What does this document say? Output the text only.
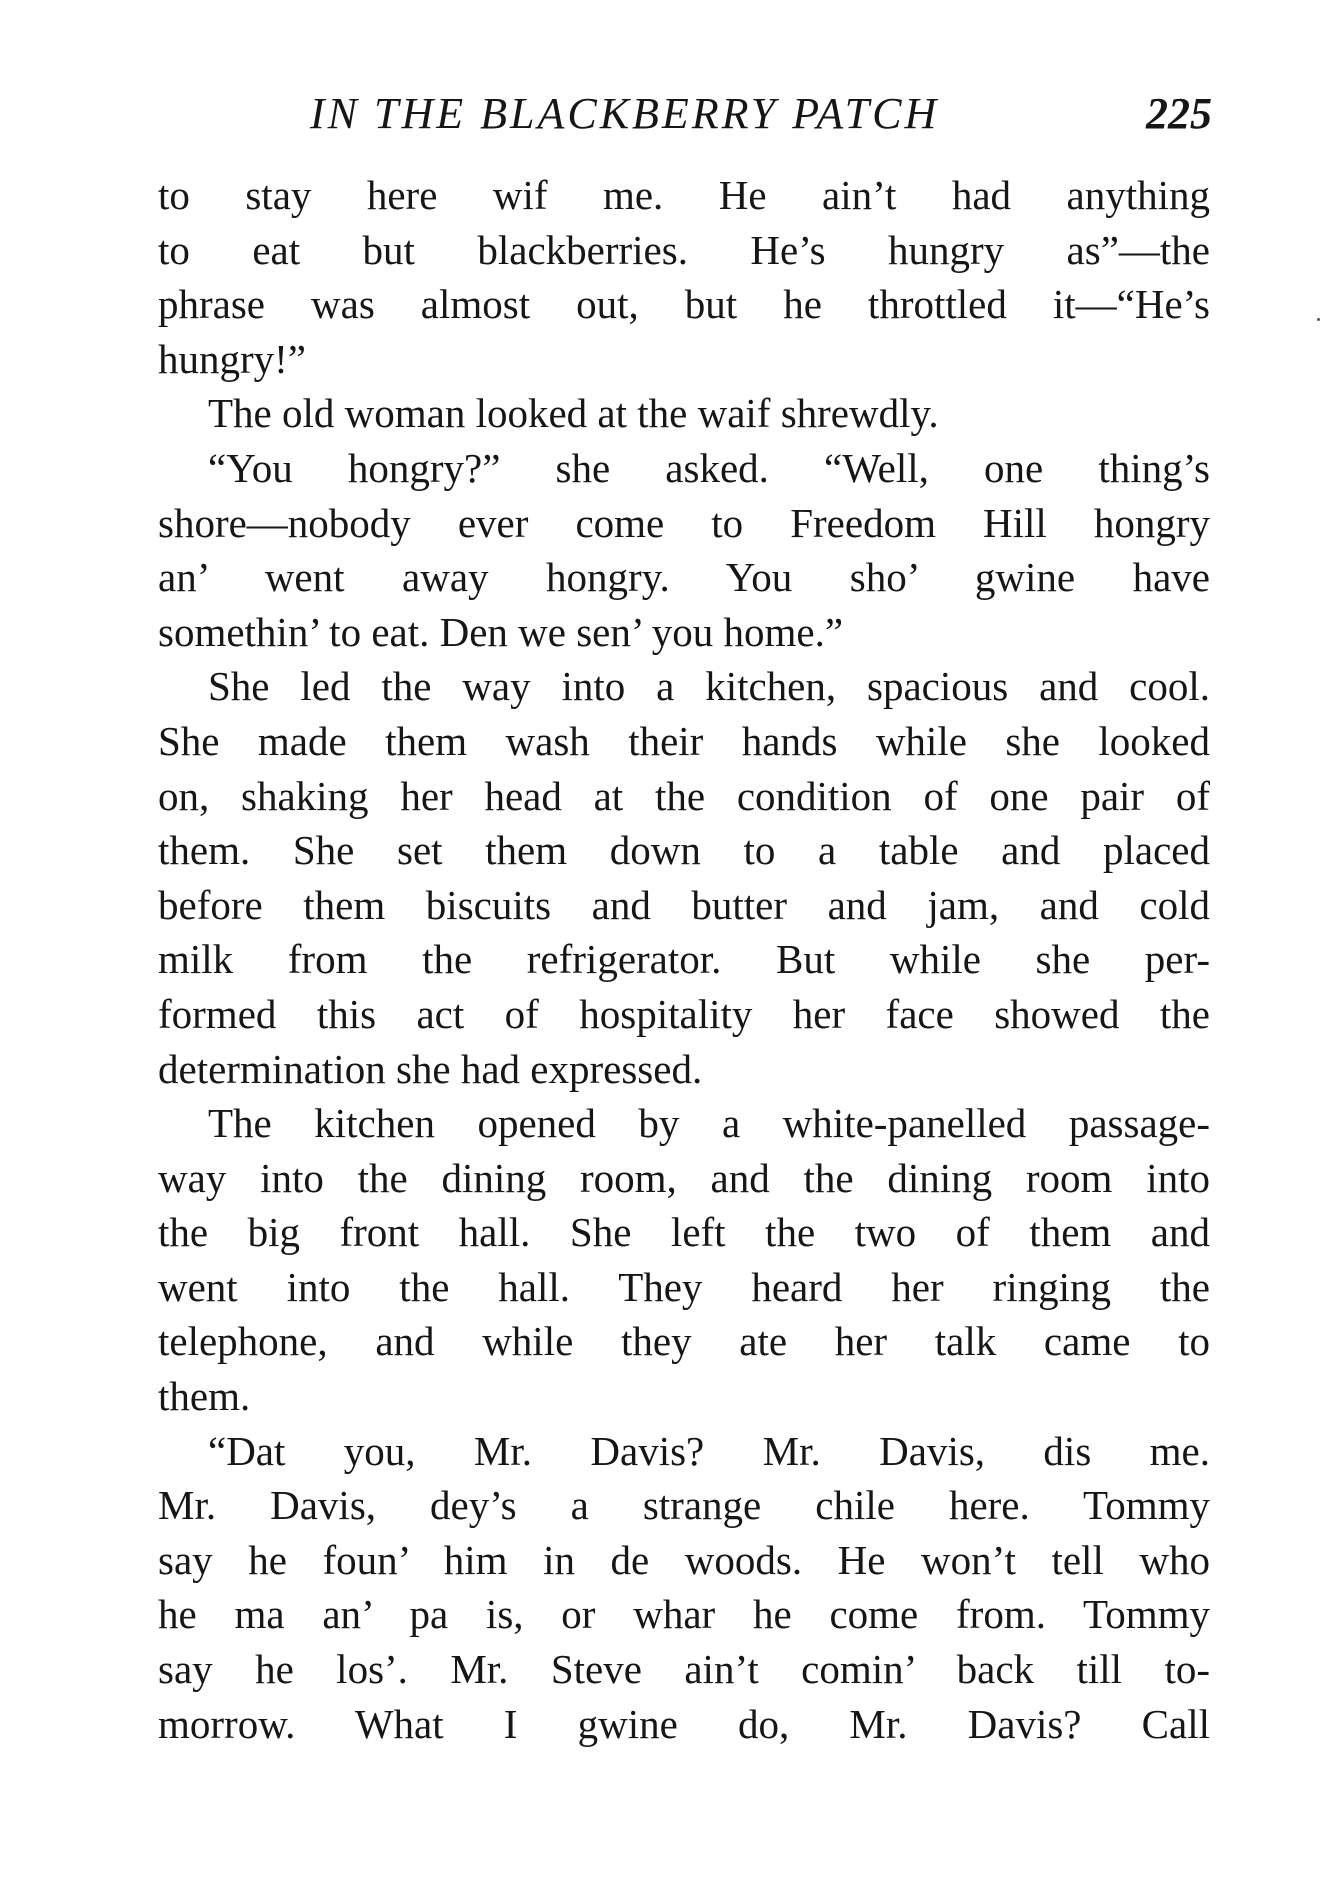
IN THE BLACKBERRY PATCH	225
to stay here wif me. He ain’t had anything
to eat but blackberries. He’s hungry as”—the
phrase was almost out, but he throttled it—“He’s
hungry!”
The old woman looked at the waif shrewdly.
“You hongry?” she asked. “Well, one thing’s
shore—nobody ever come to Freedom Hill hongry
an’ went away hongry. You sho’ gwine have
somethin’ to eat. Den we sen’ you home.”
She led the way into a kitchen, spacious and cool.
She made them wash their hands while she looked
on, shaking her head at the condition of one pair of
them. She set them down to a table and placed
before them biscuits and butter and jam, and cold
milk from the refrigerator. But while she per-
formed this act of hospitality her face showed the
determination she had expressed.
The kitchen opened by a white-panelled passage-
way into the dining room, and the dining room into
the big front hall. She left the two of them and
went into the hall. They heard her ringing the
telephone, and while they ate her talk came to
them.
“Dat you, Mr. Davis? Mr. Davis, dis me.
Mr. Davis, dey’s a strange chile here. Tommy
say he foun’ him in de woods. He won’t tell who
he ma an’ pa is, or whar he come from. Tommy
say he los’. Mr. Steve ain’t comin’ back till to-
morrow. What I gwine do, Mr. Davis? Call
